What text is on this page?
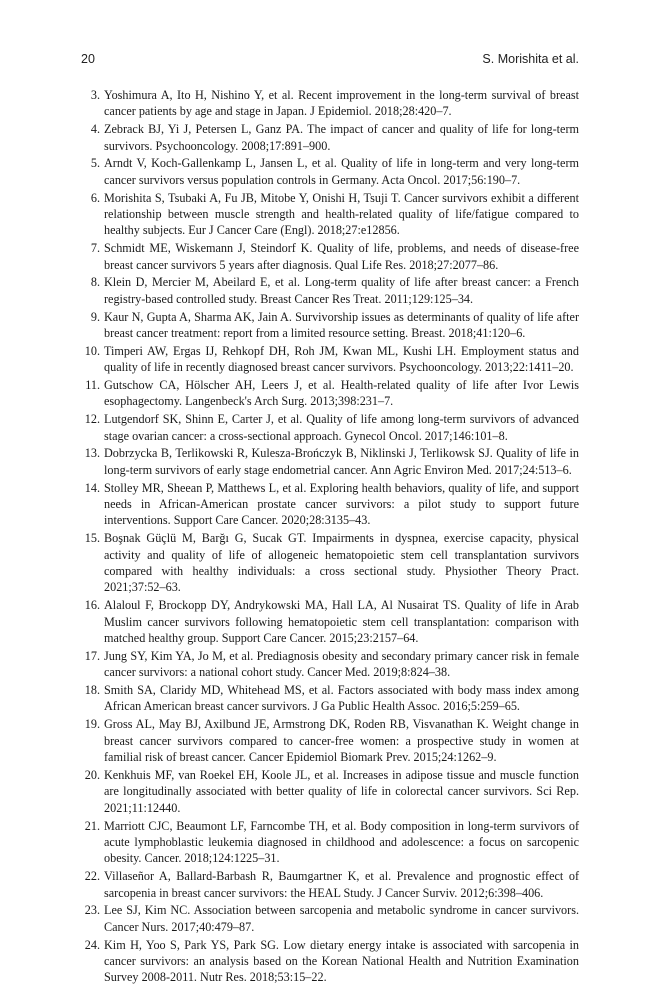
20	S. Morishita et al.
3. Yoshimura A, Ito H, Nishino Y, et al. Recent improvement in the long-term survival of breast cancer patients by age and stage in Japan. J Epidemiol. 2018;28:420–7.
4. Zebrack BJ, Yi J, Petersen L, Ganz PA. The impact of cancer and quality of life for long-term survivors. Psychooncology. 2008;17:891–900.
5. Arndt V, Koch-Gallenkamp L, Jansen L, et al. Quality of life in long-term and very long-term cancer survivors versus population controls in Germany. Acta Oncol. 2017;56:190–7.
6. Morishita S, Tsubaki A, Fu JB, Mitobe Y, Onishi H, Tsuji T. Cancer survivors exhibit a different relationship between muscle strength and health-related quality of life/fatigue compared to healthy subjects. Eur J Cancer Care (Engl). 2018;27:e12856.
7. Schmidt ME, Wiskemann J, Steindorf K. Quality of life, problems, and needs of disease-free breast cancer survivors 5 years after diagnosis. Qual Life Res. 2018;27:2077–86.
8. Klein D, Mercier M, Abeilard E, et al. Long-term quality of life after breast cancer: a French registry-based controlled study. Breast Cancer Res Treat. 2011;129:125–34.
9. Kaur N, Gupta A, Sharma AK, Jain A. Survivorship issues as determinants of quality of life after breast cancer treatment: report from a limited resource setting. Breast. 2018;41:120–6.
10. Timperi AW, Ergas IJ, Rehkopf DH, Roh JM, Kwan ML, Kushi LH. Employment status and quality of life in recently diagnosed breast cancer survivors. Psychooncology. 2013;22:1411–20.
11. Gutschow CA, Hölscher AH, Leers J, et al. Health-related quality of life after Ivor Lewis esophagectomy. Langenbeck's Arch Surg. 2013;398:231–7.
12. Lutgendorf SK, Shinn E, Carter J, et al. Quality of life among long-term survivors of advanced stage ovarian cancer: a cross-sectional approach. Gynecol Oncol. 2017;146:101–8.
13. Dobrzycka B, Terlikowski R, Kulesza-Brończyk B, Niklinski J, Terlikowsk SJ. Quality of life in long-term survivors of early stage endometrial cancer. Ann Agric Environ Med. 2017;24:513–6.
14. Stolley MR, Sheean P, Matthews L, et al. Exploring health behaviors, quality of life, and support needs in African-American prostate cancer survivors: a pilot study to support future interventions. Support Care Cancer. 2020;28:3135–43.
15. Boşnak Güçlü M, Barğı G, Sucak GT. Impairments in dyspnea, exercise capacity, physical activity and quality of life of allogeneic hematopoietic stem cell transplantation survivors compared with healthy individuals: a cross sectional study. Physiother Theory Pract. 2021;37:52–63.
16. Alaloul F, Brockopp DY, Andrykowski MA, Hall LA, Al Nusairat TS. Quality of life in Arab Muslim cancer survivors following hematopoietic stem cell transplantation: comparison with matched healthy group. Support Care Cancer. 2015;23:2157–64.
17. Jung SY, Kim YA, Jo M, et al. Prediagnosis obesity and secondary primary cancer risk in female cancer survivors: a national cohort study. Cancer Med. 2019;8:824–38.
18. Smith SA, Claridy MD, Whitehead MS, et al. Factors associated with body mass index among African American breast cancer survivors. J Ga Public Health Assoc. 2016;5:259–65.
19. Gross AL, May BJ, Axilbund JE, Armstrong DK, Roden RB, Visvanathan K. Weight change in breast cancer survivors compared to cancer-free women: a prospective study in women at familial risk of breast cancer. Cancer Epidemiol Biomark Prev. 2015;24:1262–9.
20. Kenkhuis MF, van Roekel EH, Koole JL, et al. Increases in adipose tissue and muscle function are longitudinally associated with better quality of life in colorectal cancer survivors. Sci Rep. 2021;11:12440.
21. Marriott CJC, Beaumont LF, Farncombe TH, et al. Body composition in long-term survivors of acute lymphoblastic leukemia diagnosed in childhood and adolescence: a focus on sarcopenic obesity. Cancer. 2018;124:1225–31.
22. Villaseñor A, Ballard-Barbash R, Baumgartner K, et al. Prevalence and prognostic effect of sarcopenia in breast cancer survivors: the HEAL Study. J Cancer Surviv. 2012;6:398–406.
23. Lee SJ, Kim NC. Association between sarcopenia and metabolic syndrome in cancer survivors. Cancer Nurs. 2017;40:479–87.
24. Kim H, Yoo S, Park YS, Park SG. Low dietary energy intake is associated with sarcopenia in cancer survivors: an analysis based on the Korean National Health and Nutrition Examination Survey 2008-2011. Nutr Res. 2018;53:15–22.
